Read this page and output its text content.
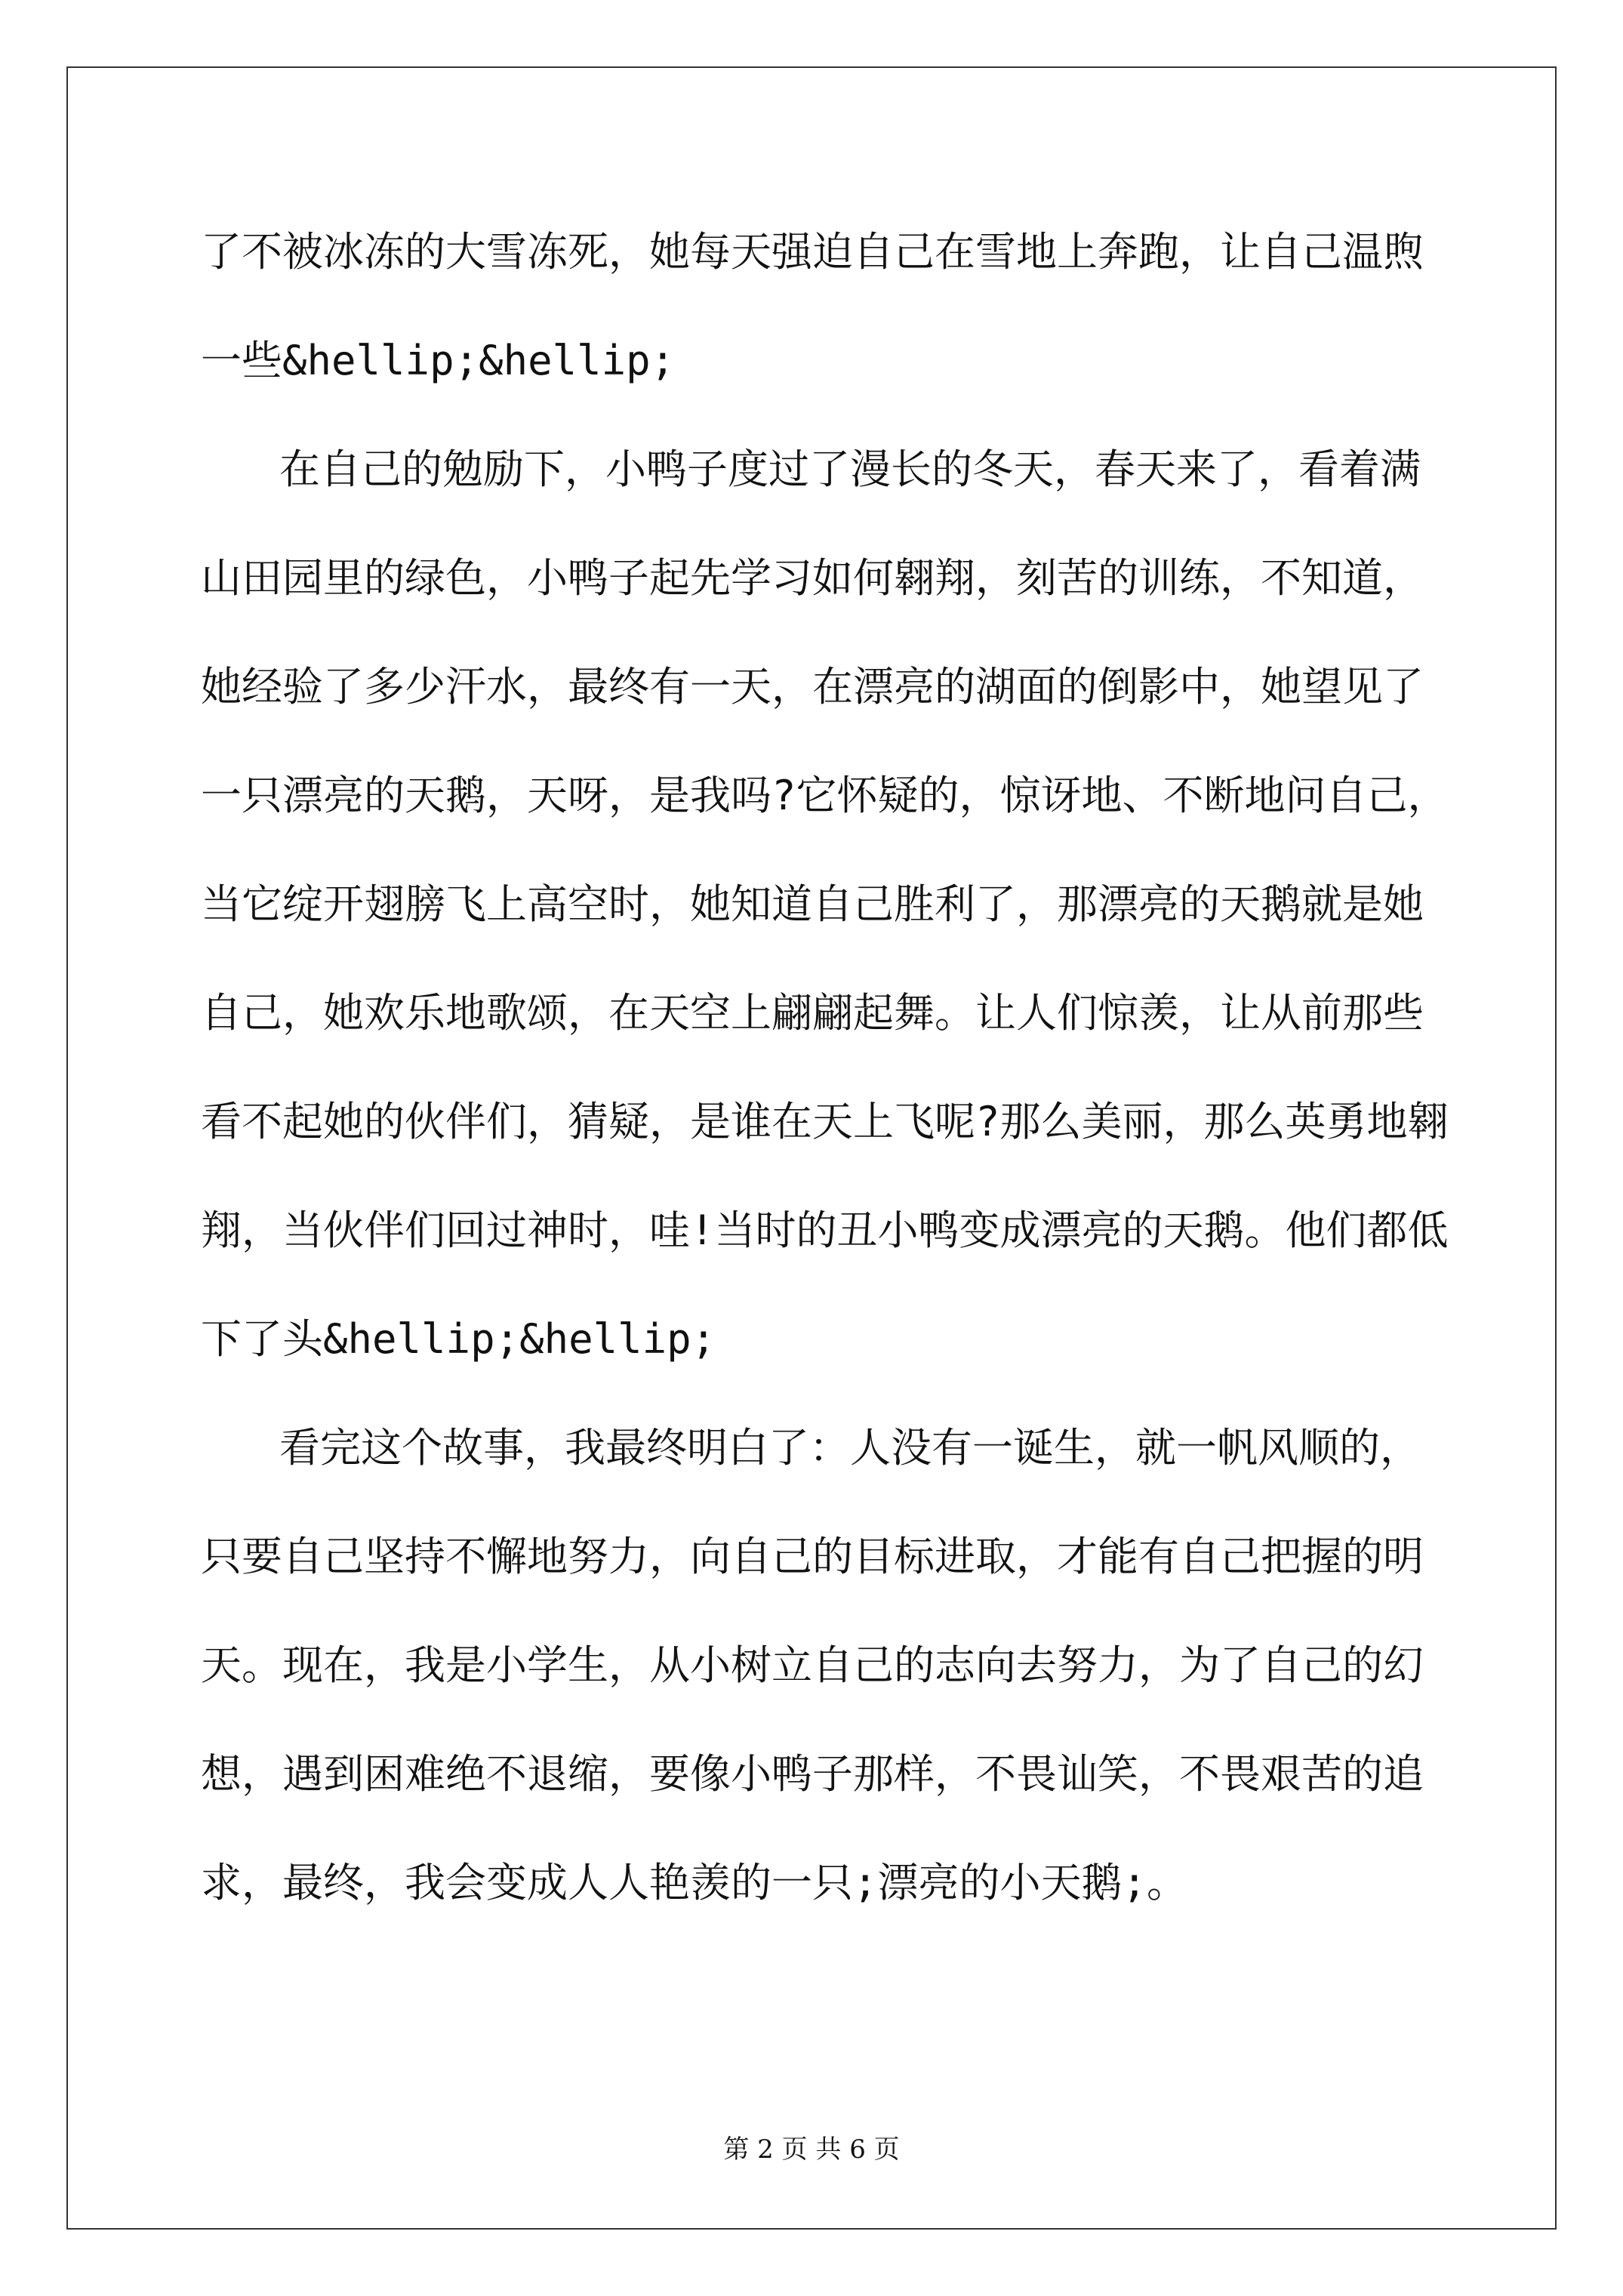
了不被冰冻的大雪冻死，她每天强迫自己在雪地上奔跑，让自己温煦
一些&hellip;&hellip;
在自己的勉励下，小鸭子度过了漫长的冬天，春天来了，看着满
山田园里的绿色，小鸭子起先学习如何翱翔，刻苦的训练，不知道，
她经验了多少汗水，最终有一天，在漂亮的湖面的倒影中，她望见了
一只漂亮的天鹅，天呀，是我吗?它怀疑的，惊讶地、不断地问自己，
当它绽开翅膀飞上高空时，她知道自己胜利了，那漂亮的天鹅就是她
自己，她欢乐地歌颂，在天空上翩翩起舞。让人们惊羡，让从前那些
看不起她的伙伴们，猜疑，是谁在天上飞呢?那么美丽，那么英勇地翱
翔，当伙伴们回过神时，哇!当时的丑小鸭变成漂亮的天鹅。他们都低
下了头&hellip;&hellip;
看完这个故事，我最终明白了：人没有一诞生，就一帆风顺的，
只要自己坚持不懈地努力，向自己的目标进取，才能有自己把握的明
天。现在，我是小学生，从小树立自己的志向去努力，为了自己的幻
想，遇到困难绝不退缩，要像小鸭子那样，不畏讪笑，不畏艰苦的追
求，最终，我会变成人人艳羡的一只;漂亮的小天鹅;。
第 2 页 共 6 页
